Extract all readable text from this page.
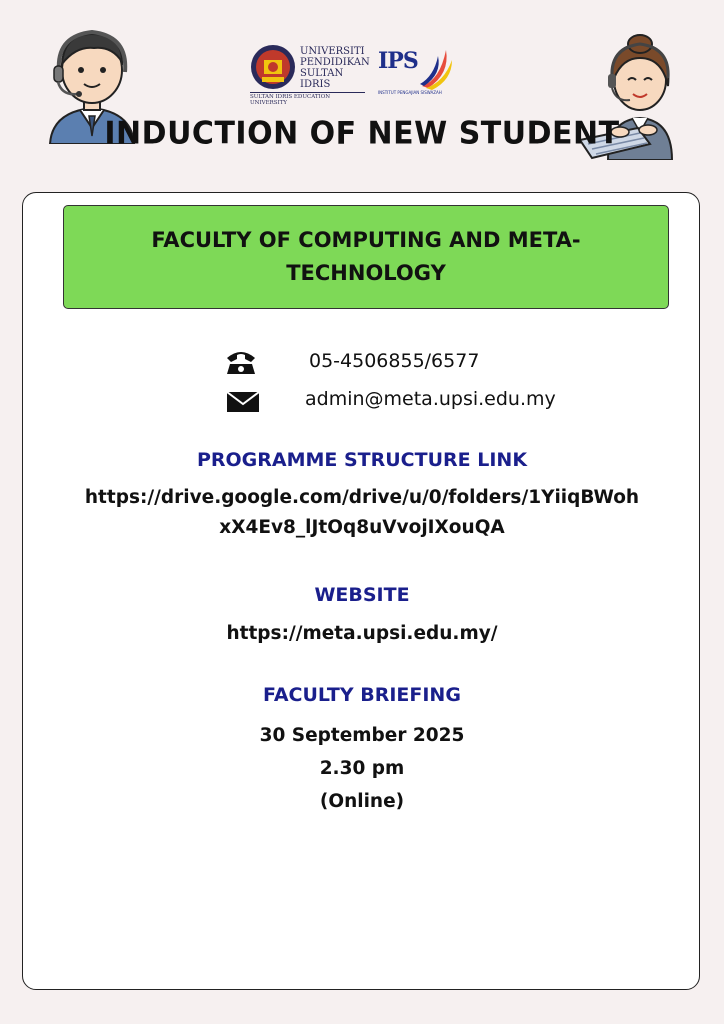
UNIVERSITI
PENDIDIKAN
SULTAN IDRIS
SULTAN IDRIS EDUCATION UNIVERSITY
IPS
INSTITUT PENGAJIAN SISWAZAH
INDUCTION OF NEW STUDENT
FACULTY OF COMPUTING AND META-TECHNOLOGY
05-4506855/6577
admin@meta.upsi.edu.my
PROGRAMME STRUCTURE LINK
https://drive.google.com/drive/u/0/folders/1YiiqBWoh
xX4Ev8_lJtOq8uVvojIXouQA
WEBSITE
https://meta.upsi.edu.my/
FACULTY BRIEFING
30 September 2025
2.30 pm
(Online)
